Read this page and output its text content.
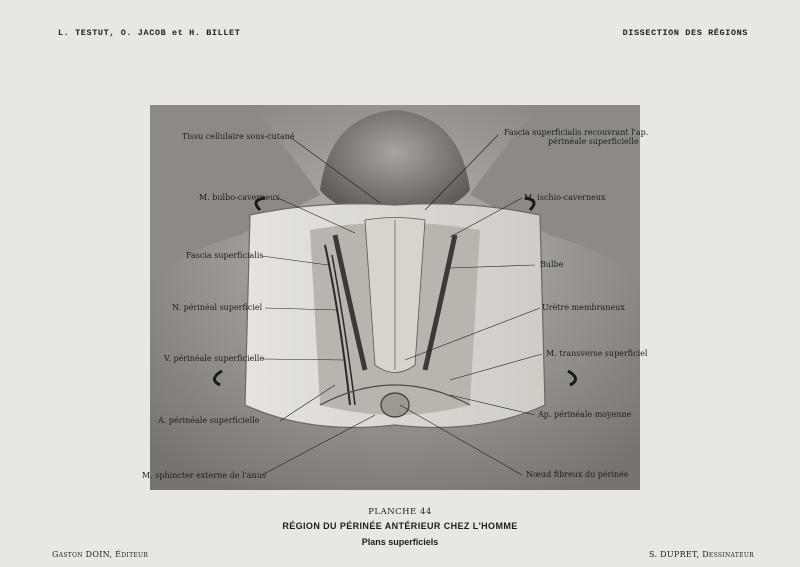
L. TESTUT, O. JACOB et H. BILLET	DISSECTION DES RÉGIONS
Tissu cellulaire sous-cutané
M. bulbo-caverneux
Fascia superficialis
N. périnéal superficiel
V. périnéale superficielle
A. périnéale superficielle
M. sphincter externe de l'anus
Fascia superficialis recouvrant l'ap.
périnéale superficielle
M. ischio-caverneux
Bulbe
Urètre membraneux
M. transverse superficiel
Ap. périnéale moyenne
Nœud fibreux du périnée
PLANCHE 44
RÉGION DU PÉRINÉE ANTÉRIEUR CHEZ L'HOMME
Plans superficiels
Gaston DOIN, Éditeur	S. DUPRET, Dessinateur
